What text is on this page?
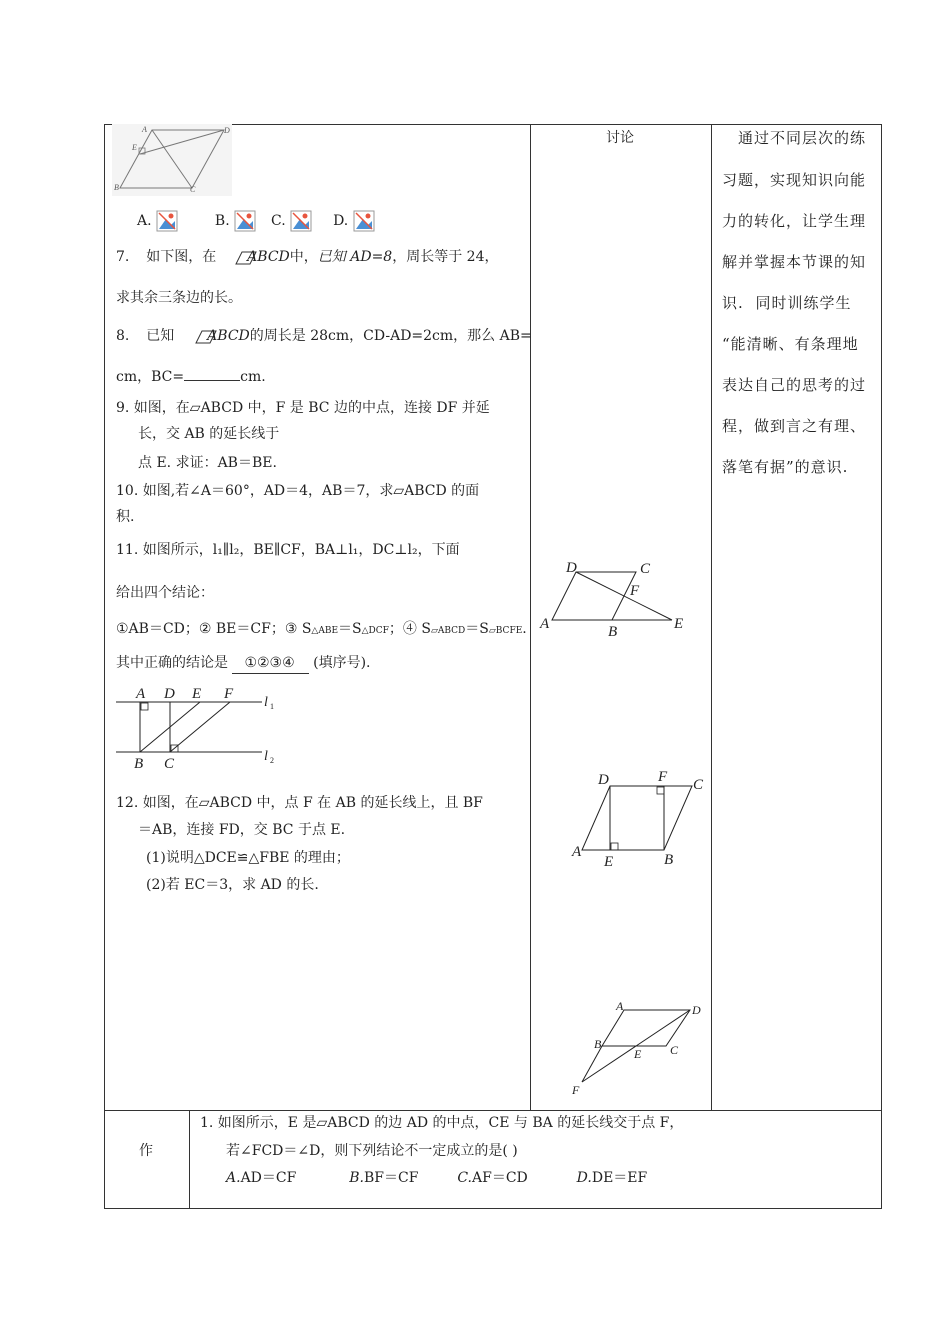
A	D
E
B	C
A.	B.	C.	D.
7. 如下图，在 ABCD中，已知 AD=8，周长等于 24，
求其余三条边的长。
8. 已知 ABCD的周长是 28cm，CD-AD=2cm，那么 AB=
cm，BC=	cm.
9. 如图，在▱ABCD 中，F 是 BC 边的中点，连接 DF 并延
长，交 AB 的延长线于
点 E. 求证：AB＝BE.
10. 如图,若∠A＝60°，AD＝4，AB＝7，求▱ABCD 的面
积.
11. 如图所示，l₁∥l₂，BE∥CF，BA⊥l₁，DC⊥l₂，下面
给出四个结论：
①AB＝CD；② BE＝CF；③ S△ABE＝S△DCF；④ S▱ABCD＝S▱BCFE.
其中正确的结论是 ①②③④ (填序号).
A D E F
B C
l 1
l 2
12. 如图，在▱ABCD 中，点 F 在 AB 的延长线上，且 BF
＝AB，连接 FD，交 BC 于点 E.
(1)说明△DCE≌△FBE 的理由；
(2)若 EC＝3，求 AD 的长.
讨论
D	C
F
A	B	E
D	F C
A
E	B
A	D
B
E C
F
通过不同层次的练
习题，实现知识向能
力的转化，让学生理
解并掌握本节课的知
识. 同时训练学生
“能清晰、有条理地
表达自己的思考的过
程，做到言之有理、
落笔有据”的意识.
作
1. 如图所示，E 是▱ABCD 的边 AD 的中点，CE 与 BA 的延长线交于点 F，
若∠FCD＝∠D，则下列结论不一定成立的是( )
A.AD＝CF	B.BF＝CF	C.AF＝CD	D.DE＝EF
